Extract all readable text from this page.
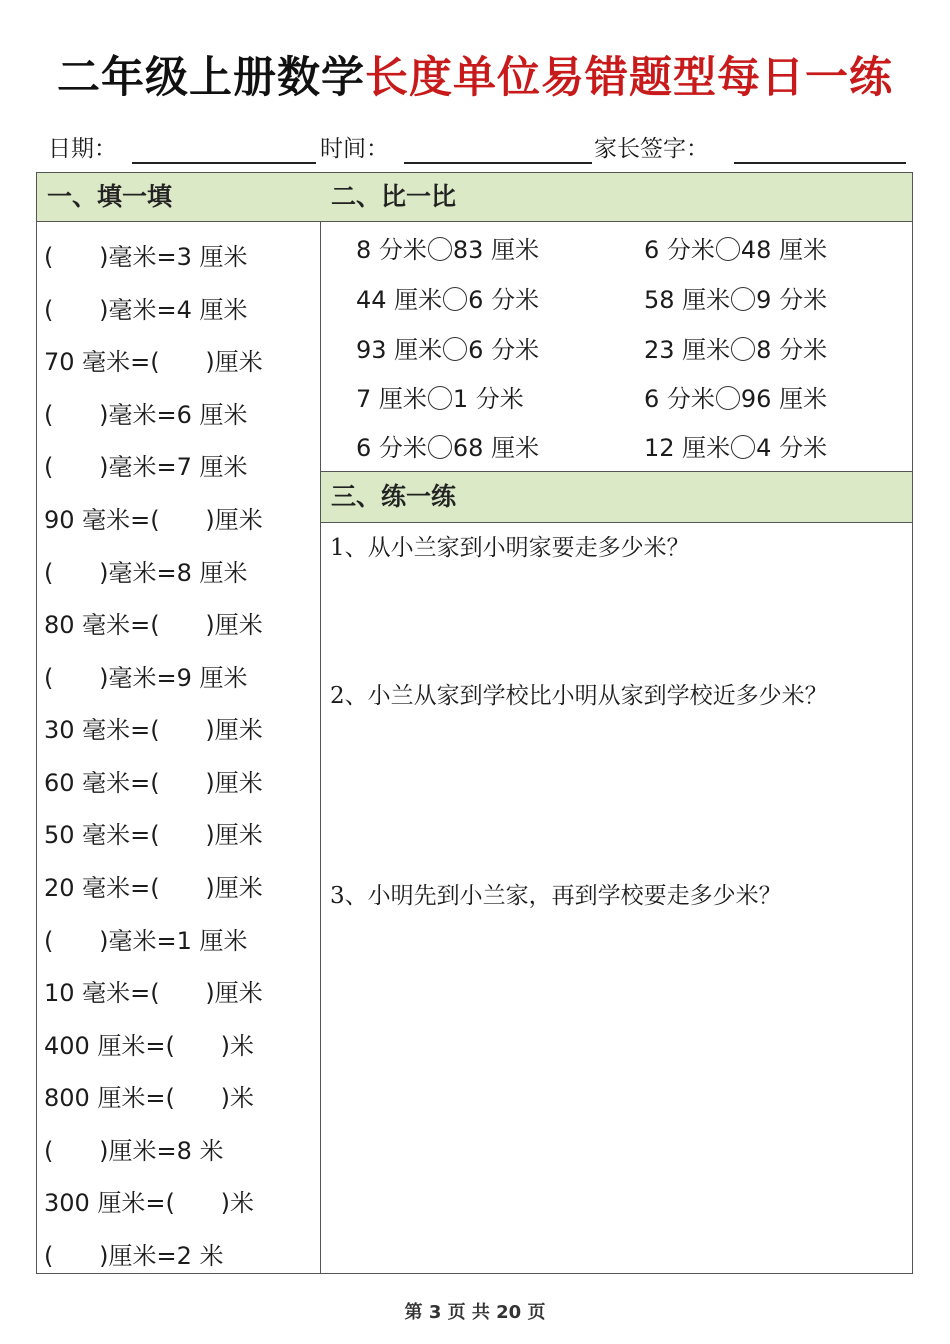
二年级上册数学长度单位易错题型每日一练
日期：	时间：	家长签字：
一、填一填	二、比一比
三、练一练
(      )毫米=3 厘米
(      )毫米=4 厘米
70 毫米=(      )厘米
(      )毫米=6 厘米
(      )毫米=7 厘米
90 毫米=(      )厘米
(      )毫米=8 厘米
80 毫米=(      )厘米
(      )毫米=9 厘米
30 毫米=(      )厘米
60 毫米=(      )厘米
50 毫米=(      )厘米
20 毫米=(      )厘米
(      )毫米=1 厘米
10 毫米=(      )厘米
400 厘米=(      )米
800 厘米=(      )米
(      )厘米=8 米
300 厘米=(      )米
(      )厘米=2 米
8 分米 83 厘米	6 分米 48 厘米
44 厘米 6 分米	58 厘米 9 分米
93 厘米 6 分米	23 厘米 8 分米
7 厘米 1 分米	6 分米 96 厘米
6 分米 68 厘米	12 厘米 4 分米
1、从小兰家到小明家要走多少米？
2、小兰从家到学校比小明从家到学校近多少米？
3、小明先到小兰家，再到学校要走多少米？
第 3 页 共 20 页
